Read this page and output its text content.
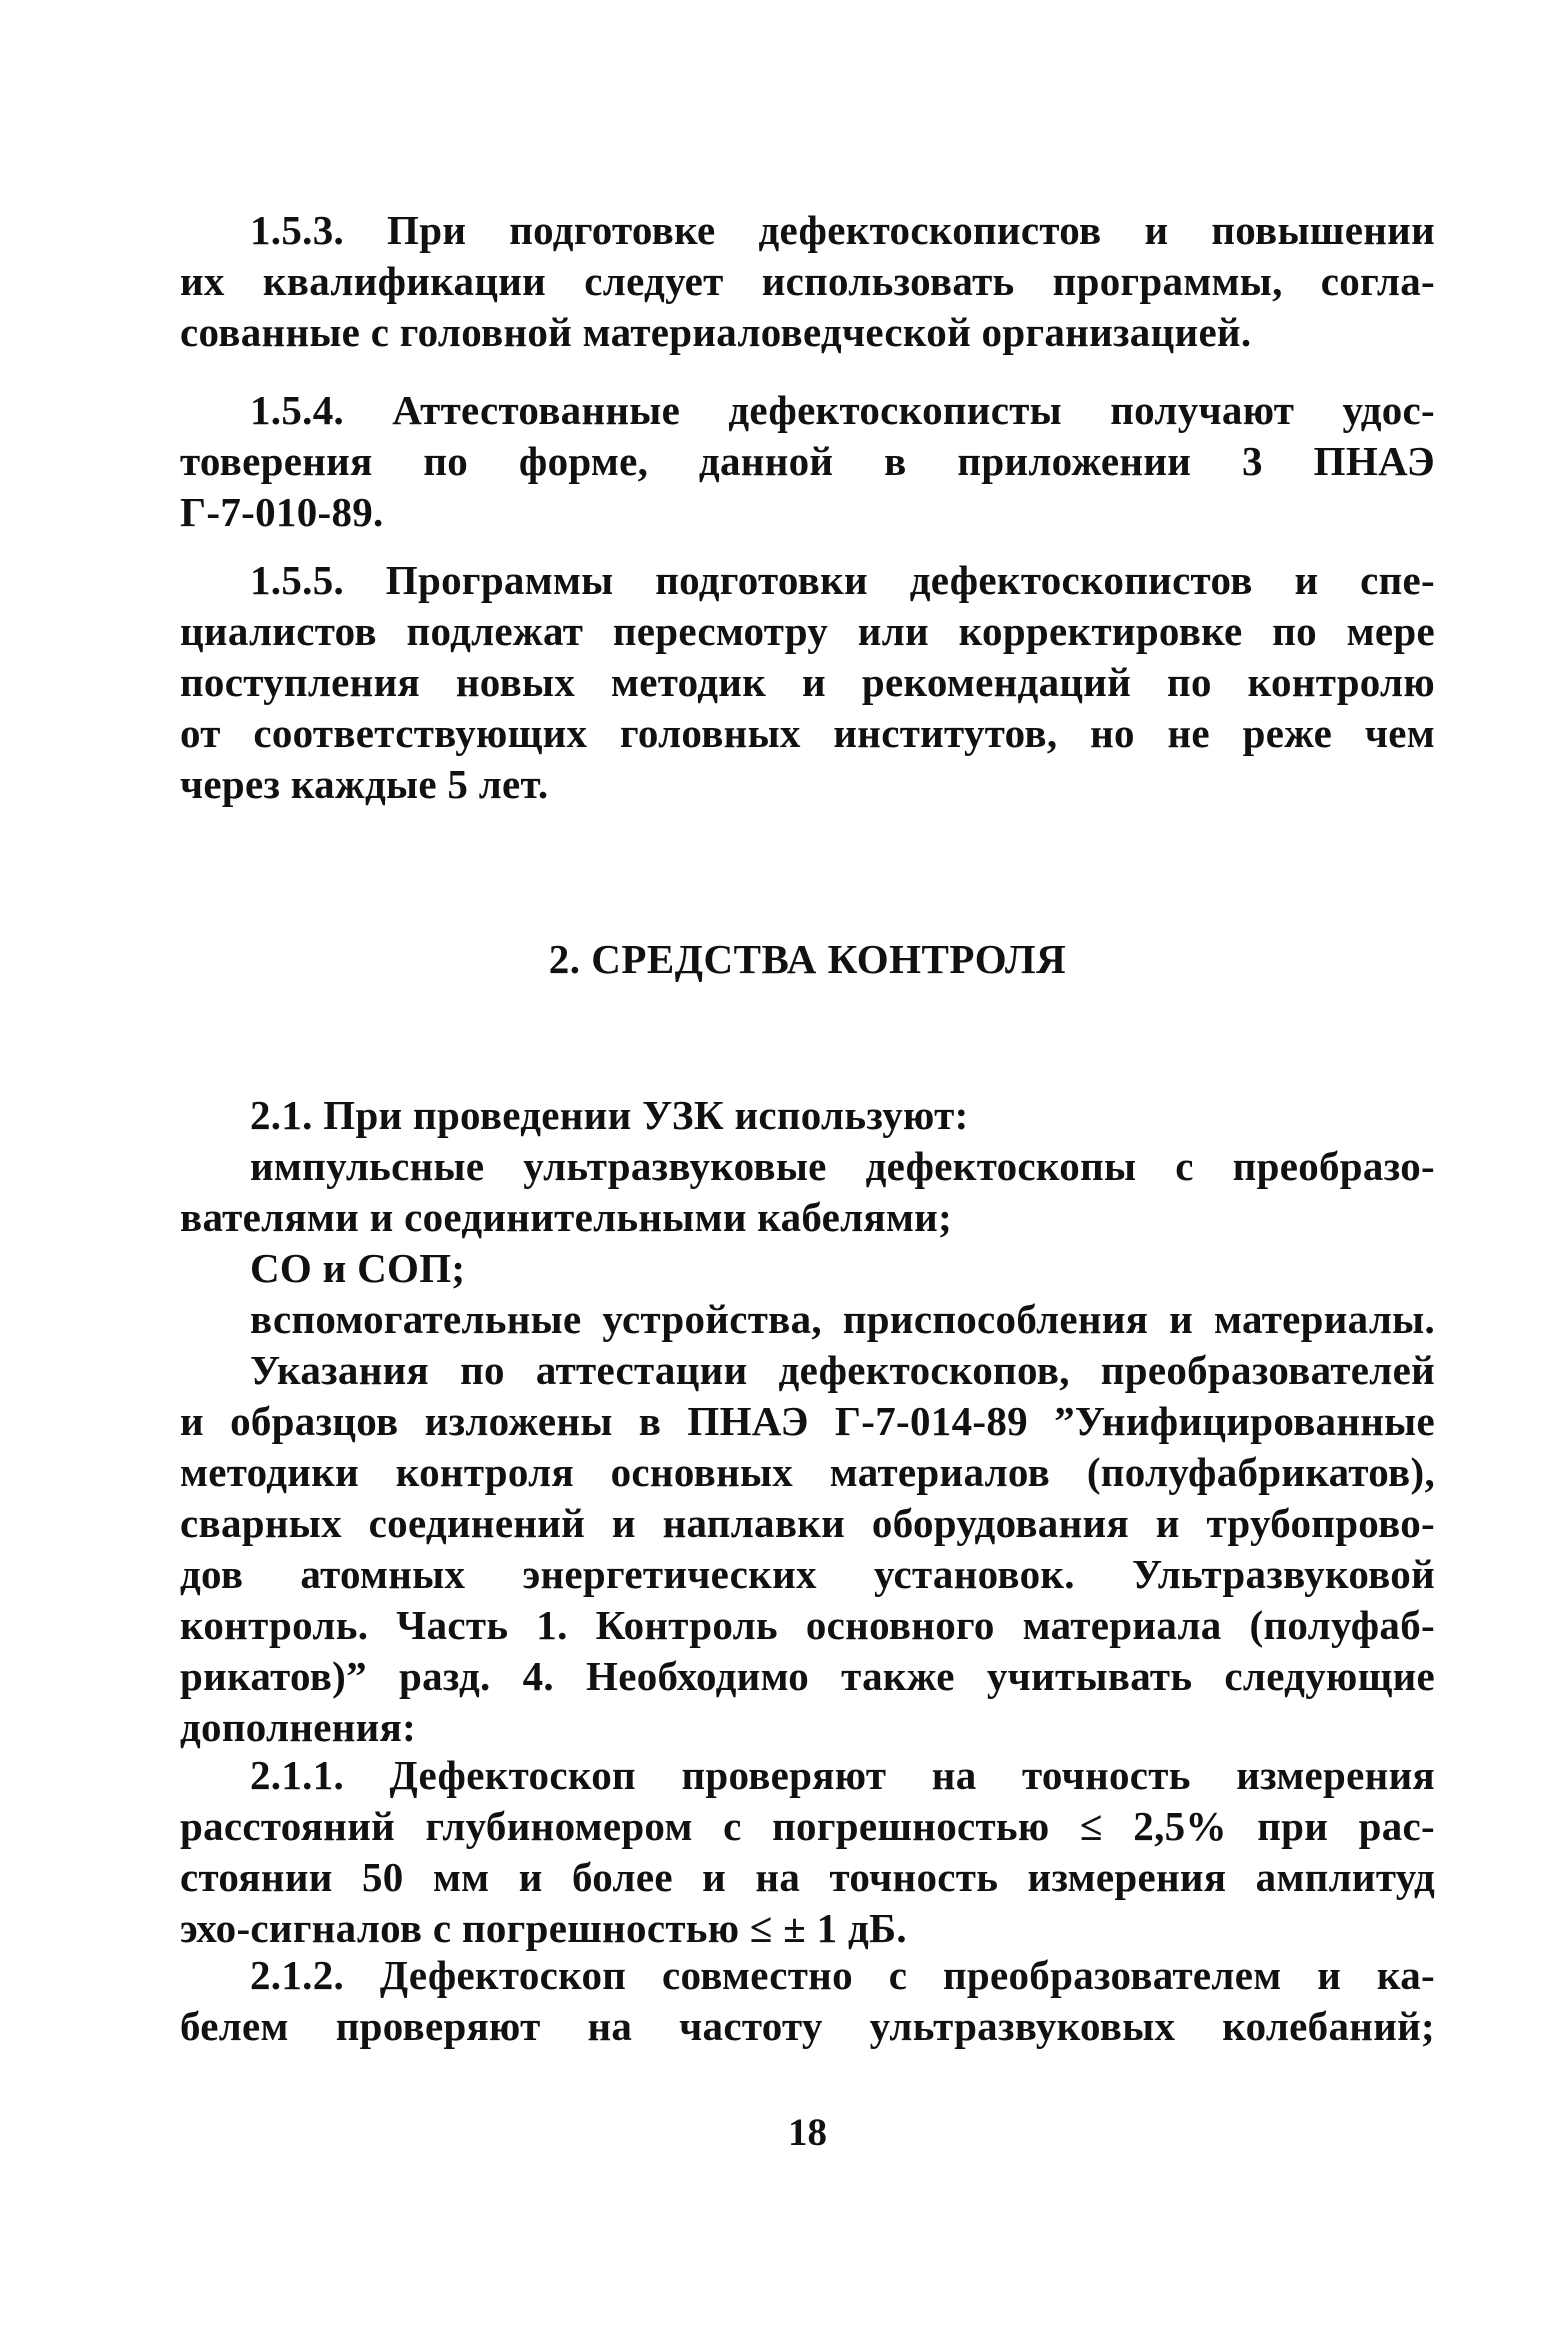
1.5.3. При подготовке дефектоскопистов и повышении
их квалификации следует использовать программы, согла-
сованные с головной материаловедческой организацией.
1.5.4. Аттестованные дефектоскописты получают удос-
товерения по форме, данной в приложении 3 ПНАЭ
Г-7-010-89.
1.5.5. Программы подготовки дефектоскопистов и спе-
циалистов подлежат пересмотру или корректировке по мере
поступления новых методик и рекомендаций по контролю
от соответствующих головных институтов, но не реже чем
через каждые 5 лет.
2. СРЕДСТВА КОНТРОЛЯ
2.1. При проведении УЗК используют:
импульсные ультразвуковые дефектоскопы с преобразо-
вателями и соединительными кабелями;
СО и СОП;
вспомогательные устройства, приспособления и материалы.
Указания по аттестации дефектоскопов, преобразователей
и образцов изложены в ПНАЭ Г-7-014-89 ”Унифицированные
методики контроля основных материалов (полуфабрикатов),
сварных соединений и наплавки оборудования и трубопрово-
дов атомных энергетических установок. Ультразвуковой
контроль. Часть 1. Контроль основного материала (полуфаб-
рикатов)” разд. 4. Необходимо также учитывать следующие
дополнения:
2.1.1. Дефектоскоп проверяют на точность измерения
расстояний глубиномером с погрешностью ≤ 2,5% при рас-
стоянии 50 мм и более и на точность измерения амплитуд
эхо-сигналов с погрешностью ≤ ± 1 дБ.
2.1.2. Дефектоскоп совместно с преобразователем и ка-
белем проверяют на частоту ультразвуковых колебаний;
18
